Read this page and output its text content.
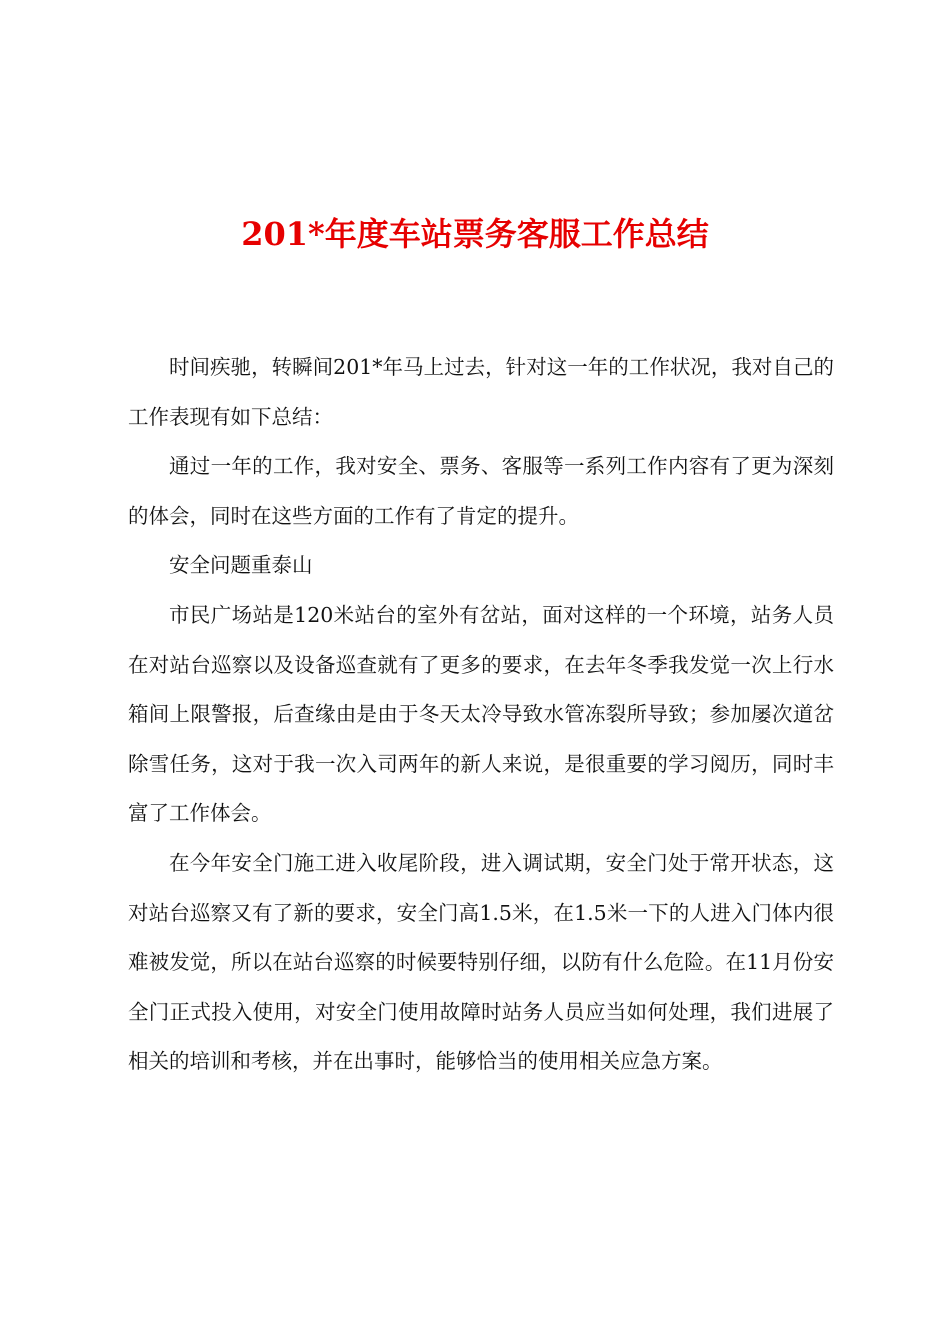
201*年度车站票务客服工作总结

时间疾驰，转瞬间201*年马上过去，针对这一年的工作状况，我对自己的工作表现有如下总结：

通过一年的工作，我对安全、票务、客服等一系列工作内容有了更为深刻的体会，同时在这些方面的工作有了肯定的提升。

安全问题重泰山

市民广场站是120米站台的室外有岔站，面对这样的一个环境，站务人员在对站台巡察以及设备巡查就有了更多的要求，在去年冬季我发觉一次上行水箱间上限警报，后查缘由是由于冬天太冷导致水管冻裂所导致；参加屡次道岔除雪任务，这对于我一次入司两年的新人来说，是很重要的学习阅历，同时丰富了工作体会。

在今年安全门施工进入收尾阶段，进入调试期，安全门处于常开状态，这对站台巡察又有了新的要求，安全门高1.5米，在1.5米一下的人进入门体内很难被发觉，所以在站台巡察的时候要特别仔细，以防有什么危险。在11月份安全门正式投入使用，对安全门使用故障时站务人员应当如何处理，我们进展了相关的培训和考核，并在出事时，能够恰当的使用相关应急方案。
